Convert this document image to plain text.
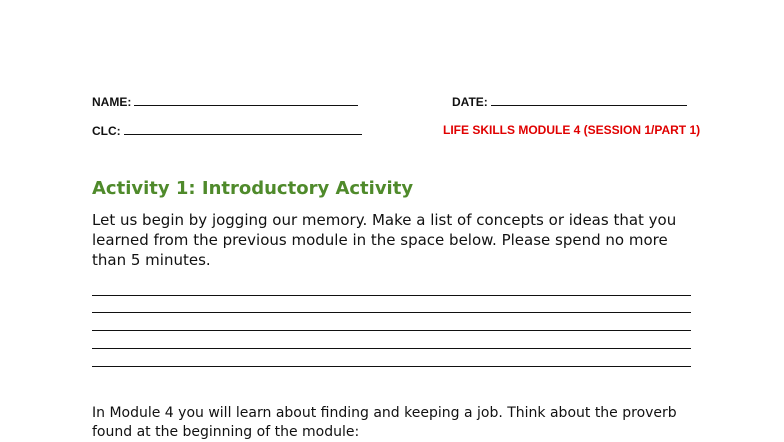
NAME:	DATE:
CLC:	LIFE SKILLS MODULE 4 (SESSION 1/PART 1)
Activity 1: Introductory Activity

Let us begin by jogging our memory. Make a list of concepts or ideas that you learned from the previous module in the space below. Please spend no more than 5 minutes.

In Module 4 you will learn about finding and keeping a job. Think about the proverb found at the beginning of the module:
